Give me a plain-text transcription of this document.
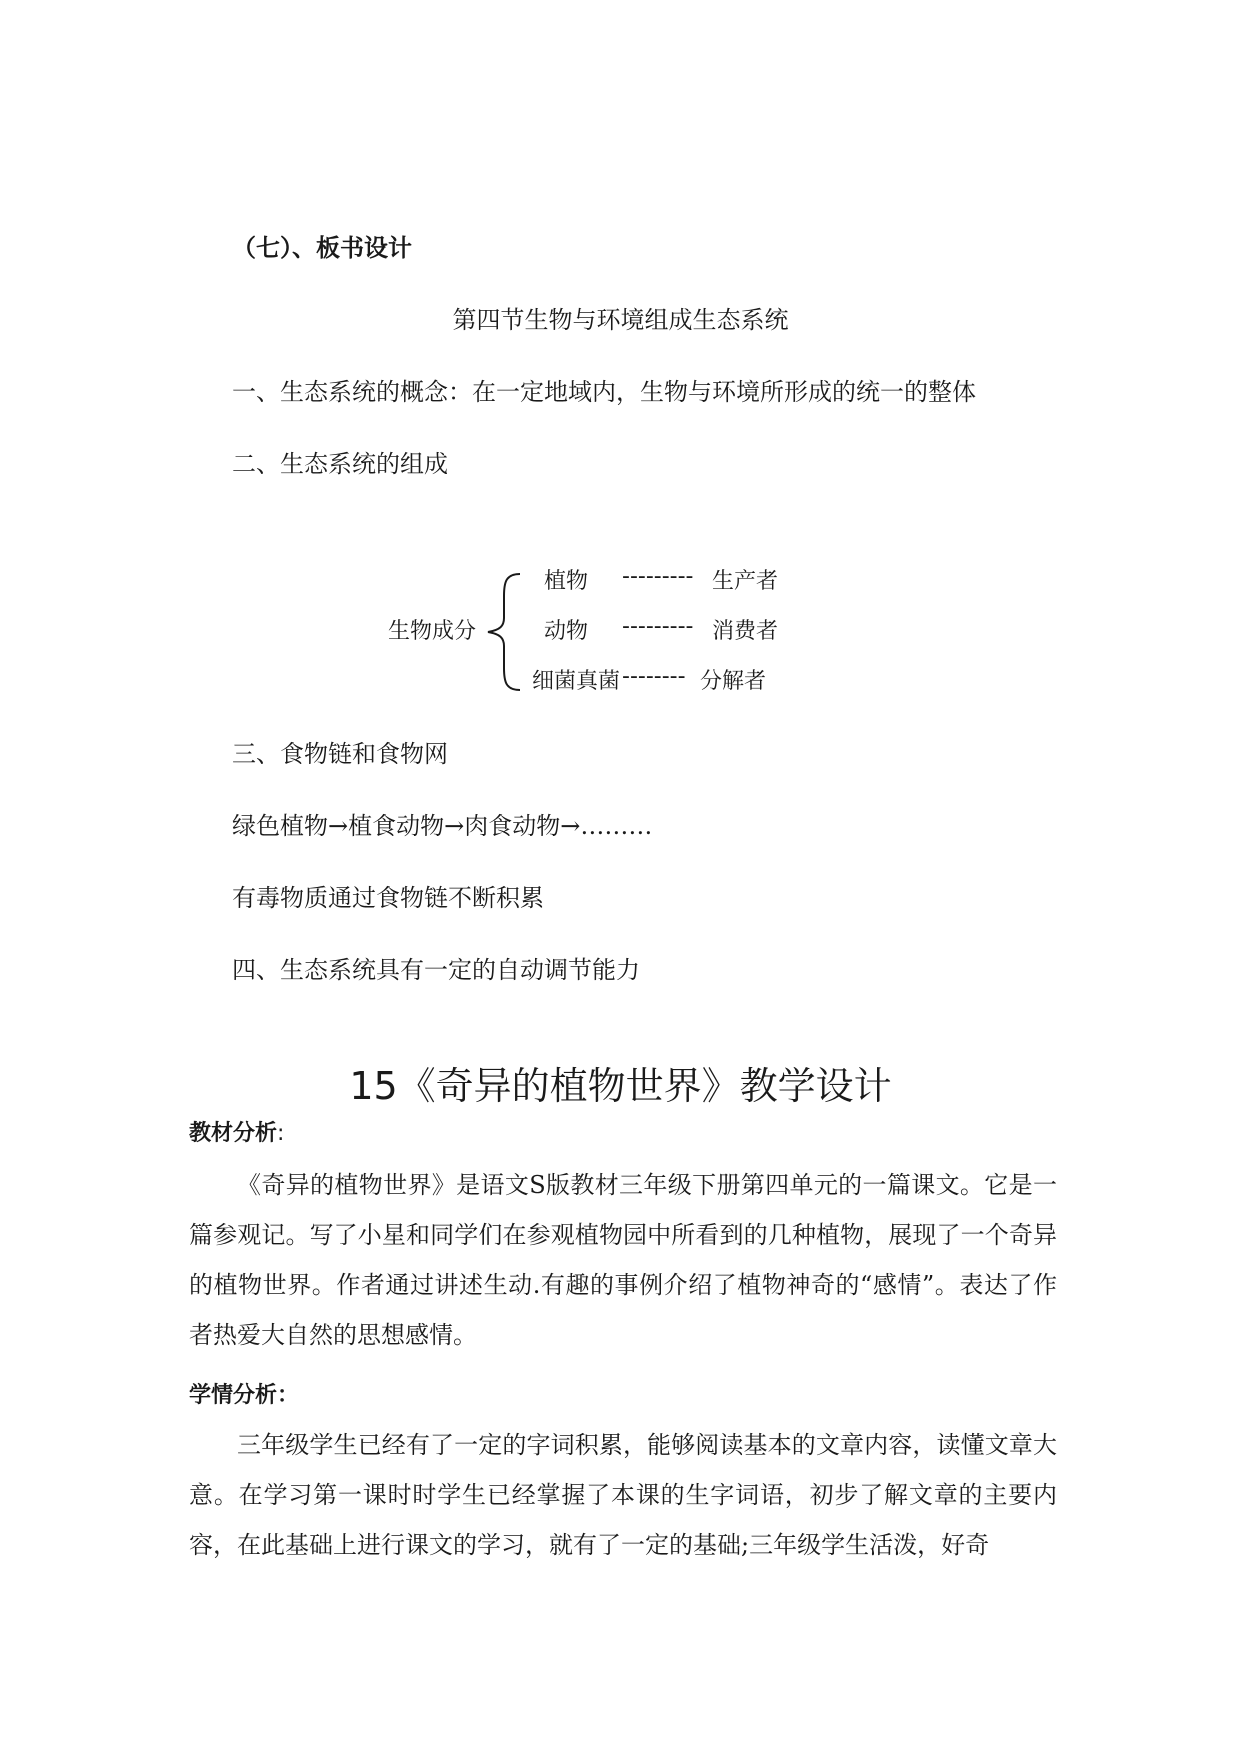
（七）、板书设计
第四节生物与环境组成生态系统
一、生态系统的概念：在一定地域内，生物与环境所形成的统一的整体
二、生态系统的组成
生物成分
植物 --------- 生产者
动物 --------- 消费者
细菌真菌 -------- 分解者
三、食物链和食物网
绿色植物→植食动物→肉食动物→………
有毒物质通过食物链不断积累
四、生态系统具有一定的自动调节能力
15《奇异的植物世界》教学设计
教材分析:
《奇异的植物世界》是语文S版教材三年级下册第四单元的一篇课文。它是一篇参观记。写了小星和同学们在参观植物园中所看到的几种植物，展现了一个奇异的植物世界。作者通过讲述生动.有趣的事例介绍了植物神奇的“感情”。表达了作者热爱大自然的思想感情。
学情分析：
三年级学生已经有了一定的字词积累，能够阅读基本的文章内容，读懂文章大意。在学习第一课时时学生已经掌握了本课的生字词语，初步了解文章的主要内容，在此基础上进行课文的学习，就有了一定的基础;三年级学生活泼，好奇
